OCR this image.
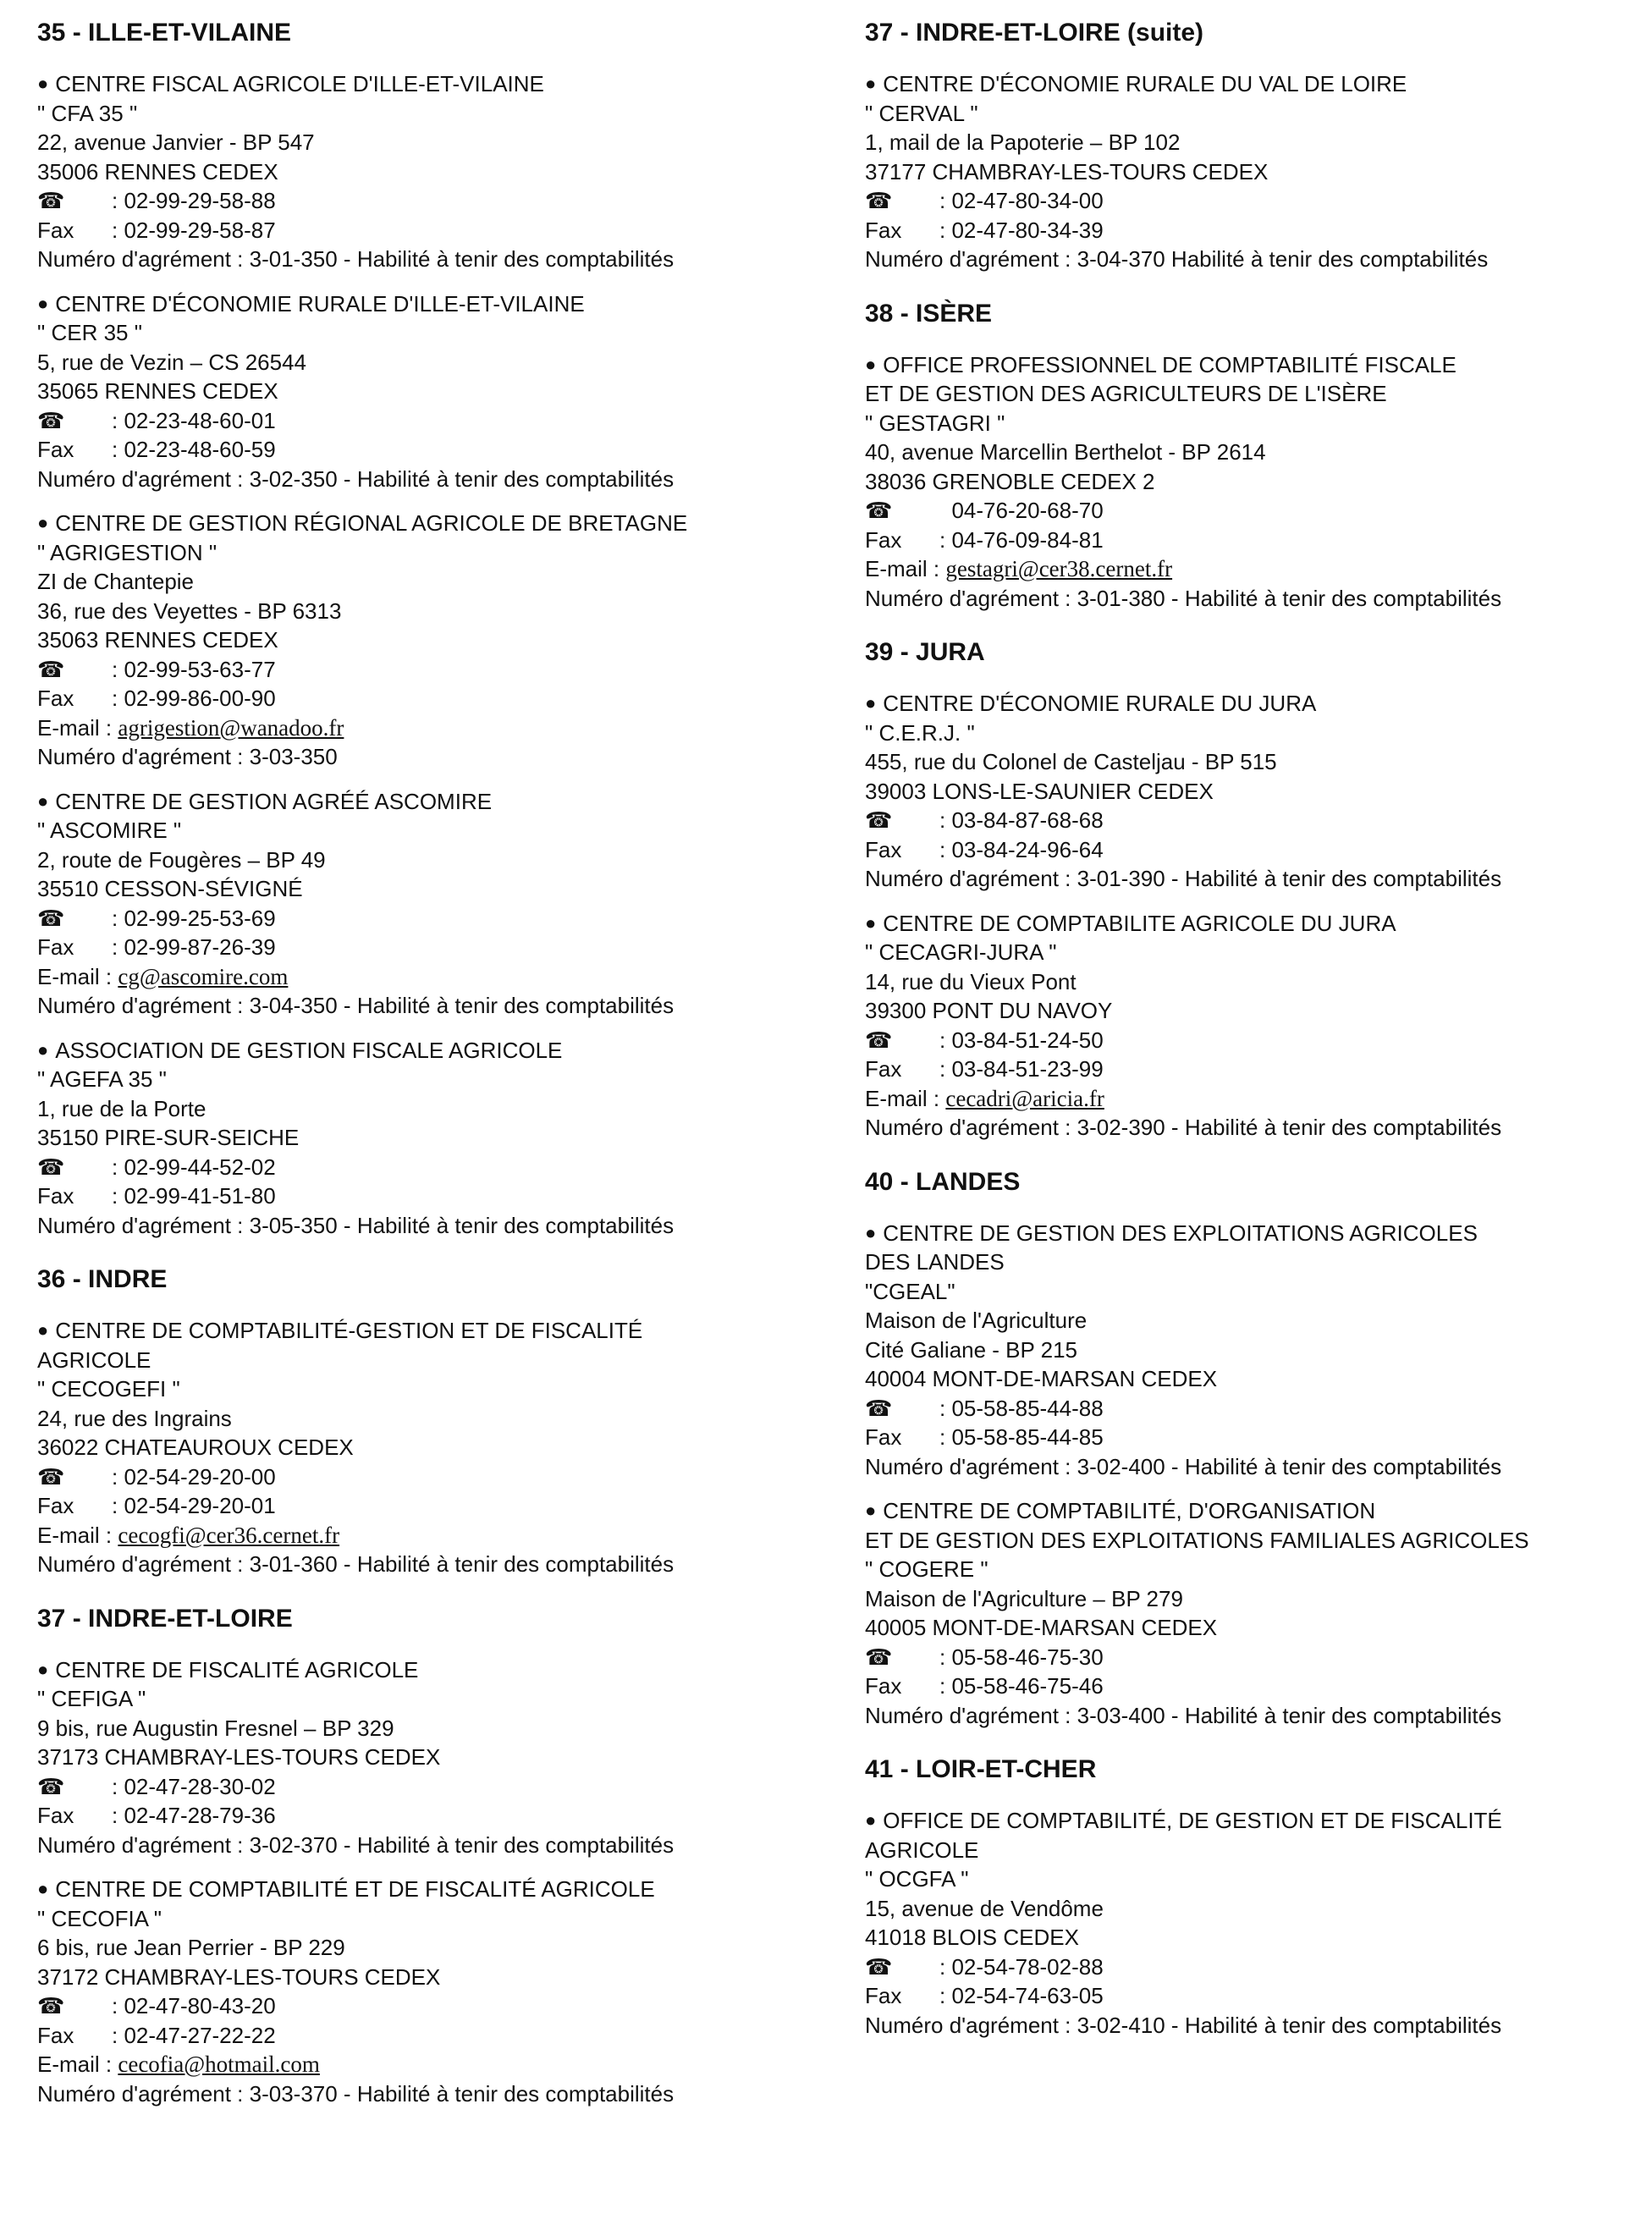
35 - ILLE-ET-VILAINE
● CENTRE FISCAL AGRICOLE D'ILLE-ET-VILAINE
" CFA 35 "
22, avenue Janvier - BP 547
35006 RENNES CEDEX
☎ : 02-99-29-58-88
Fax : 02-99-29-58-87
Numéro d'agrément : 3-01-350 - Habilité à tenir des comptabilités
● CENTRE D'ÉCONOMIE RURALE D'ILLE-ET-VILAINE
" CER 35 "
5, rue de Vezin – CS 26544
35065 RENNES CEDEX
☎ : 02-23-48-60-01
Fax : 02-23-48-60-59
Numéro d'agrément : 3-02-350 - Habilité à tenir des comptabilités
● CENTRE DE GESTION RÉGIONAL AGRICOLE DE BRETAGNE
" AGRIGESTION "
ZI de Chantepie
36, rue des Veyettes - BP 6313
35063 RENNES CEDEX
☎ : 02-99-53-63-77
Fax : 02-99-86-00-90
E-mail : agrigestion@wanadoo.fr
Numéro d'agrément : 3-03-350
● CENTRE DE GESTION AGRÉÉ ASCOMIRE
" ASCOMIRE "
2, route de Fougères – BP 49
35510 CESSON-SÉVIGNÉ
☎ : 02-99-25-53-69
Fax : 02-99-87-26-39
E-mail : cg@ascomire.com
Numéro d'agrément : 3-04-350 - Habilité à tenir des comptabilités
● ASSOCIATION DE GESTION FISCALE AGRICOLE
" AGEFA 35 "
1, rue de la Porte
35150 PIRE-SUR-SEICHE
☎ : 02-99-44-52-02
Fax : 02-99-41-51-80
Numéro d'agrément : 3-05-350 - Habilité à tenir des comptabilités
36 - INDRE
● CENTRE DE COMPTABILITÉ-GESTION ET DE FISCALITÉ
AGRICOLE
" CECOGEFI "
24, rue des Ingrains
36022 CHATEAUROUX CEDEX
☎ : 02-54-29-20-00
Fax : 02-54-29-20-01
E-mail : cecogfi@cer36.cernet.fr
Numéro d'agrément : 3-01-360 - Habilité à tenir des comptabilités
37 - INDRE-ET-LOIRE
● CENTRE DE FISCALITÉ AGRICOLE
" CEFIGA "
9 bis, rue Augustin Fresnel – BP 329
37173 CHAMBRAY-LES-TOURS CEDEX
☎ : 02-47-28-30-02
Fax : 02-47-28-79-36
Numéro d'agrément : 3-02-370 - Habilité à tenir des comptabilités
● CENTRE DE COMPTABILITÉ ET DE FISCALITÉ AGRICOLE
" CECOFIA "
6 bis, rue Jean Perrier - BP 229
37172 CHAMBRAY-LES-TOURS CEDEX
☎ : 02-47-80-43-20
Fax : 02-47-27-22-22
E-mail : cecofia@hotmail.com
Numéro d'agrément : 3-03-370 - Habilité à tenir des comptabilités
37 - INDRE-ET-LOIRE (suite)
● CENTRE D'ÉCONOMIE RURALE DU VAL DE LOIRE
" CERVAL "
1, mail de la Papoterie – BP 102
37177 CHAMBRAY-LES-TOURS CEDEX
☎ : 02-47-80-34-00
Fax : 02-47-80-34-39
Numéro d'agrément : 3-04-370 Habilité à tenir des comptabilités
38 - ISÈRE
● OFFICE PROFESSIONNEL DE COMPTABILITÉ FISCALE
ET DE GESTION DES AGRICULTEURS DE L'ISÈRE
" GESTAGRI "
40, avenue Marcellin Berthelot - BP 2614
38036 GRENOBLE CEDEX 2
☎  04-76-20-68-70
Fax : 04-76-09-84-81
E-mail : gestagri@cer38.cernet.fr
Numéro d'agrément : 3-01-380 - Habilité à tenir des comptabilités
39 - JURA
● CENTRE D'ÉCONOMIE RURALE DU JURA
" C.E.R.J. "
455, rue du Colonel de Casteljau - BP 515
39003 LONS-LE-SAUNIER CEDEX
☎ : 03-84-87-68-68
Fax : 03-84-24-96-64
Numéro d'agrément : 3-01-390 - Habilité à tenir des comptabilités
● CENTRE DE COMPTABILITE AGRICOLE DU JURA
" CECAGRI-JURA "
14, rue du Vieux Pont
39300 PONT DU NAVOY
☎ : 03-84-51-24-50
Fax : 03-84-51-23-99
E-mail : cecadri@aricia.fr
Numéro d'agrément : 3-02-390 - Habilité à tenir des comptabilités
40 - LANDES
● CENTRE DE GESTION DES EXPLOITATIONS AGRICOLES
DES LANDES
"CGEAL"
Maison de l'Agriculture
Cité Galiane - BP 215
40004 MONT-DE-MARSAN CEDEX
☎ : 05-58-85-44-88
Fax : 05-58-85-44-85
Numéro d'agrément : 3-02-400 - Habilité à tenir des comptabilités
● CENTRE DE COMPTABILITÉ, D'ORGANISATION
ET DE GESTION DES EXPLOITATIONS FAMILIALES AGRICOLES
" COGERE "
Maison de l'Agriculture – BP 279
40005 MONT-DE-MARSAN CEDEX
☎ : 05-58-46-75-30
Fax : 05-58-46-75-46
Numéro d'agrément : 3-03-400 - Habilité à tenir des comptabilités
41 - LOIR-ET-CHER
● OFFICE DE COMPTABILITÉ, DE GESTION ET DE FISCALITÉ
AGRICOLE
" OCGFA "
15, avenue de Vendôme
41018 BLOIS CEDEX
☎ : 02-54-78-02-88
Fax : 02-54-74-63-05
Numéro d'agrément : 3-02-410 - Habilité à tenir des comptabilités
